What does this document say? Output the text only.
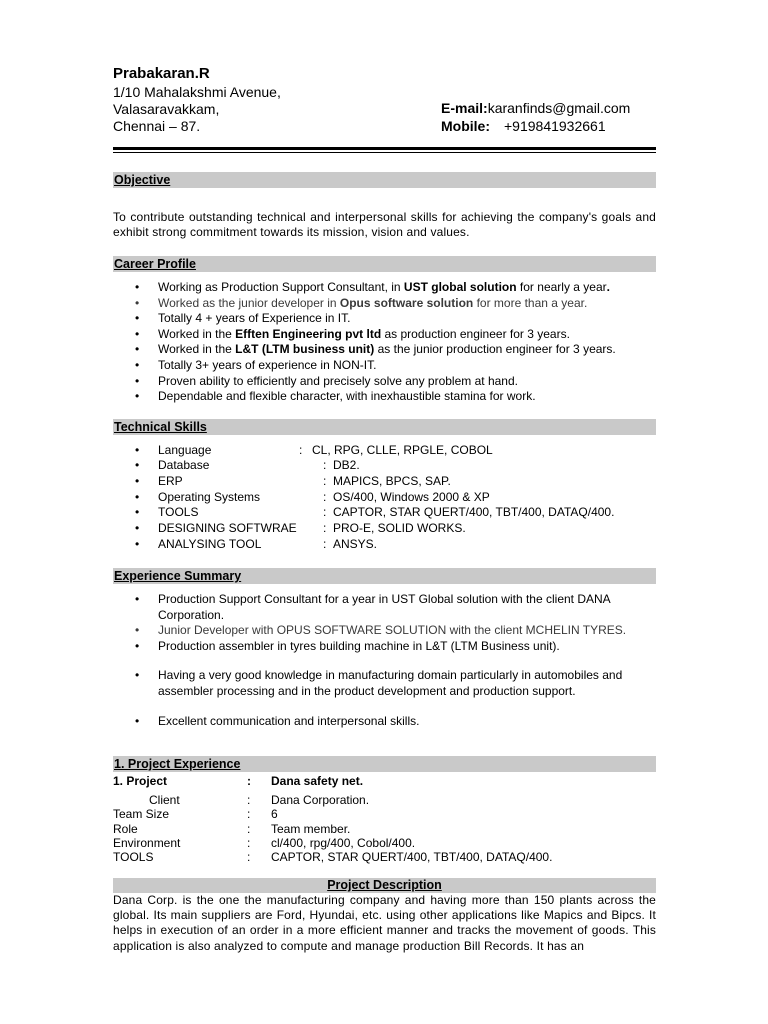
Prabakaran.R
1/10 Mahalakshmi Avenue,
Valasaravakkam,
Chennai – 87.
E-mail:karanfinds@gmail.com
Mobile: +919841932661
Objective
To contribute outstanding technical and interpersonal skills for achieving the company's goals and exhibit strong commitment towards its mission, vision and values.
Career Profile
• Working as Production Support Consultant, in UST global solution for nearly a year.
• Worked as the junior developer in Opus software solution for more than a year.
• Totally 4 + years of Experience in IT.
• Worked in the Efften Engineering pvt ltd as production engineer for 3 years.
• Worked in the L&T (LTM business unit) as the junior production engineer for 3 years.
• Totally 3+ years of experience in NON-IT.
• Proven ability to efficiently and precisely solve any problem at hand.
• Dependable and flexible character, with inexhaustible stamina for work.
Technical Skills
• Language	: CL, RPG, CLLE, RPGLE, COBOL
• Database	: DB2.
• ERP	: MAPICS, BPCS, SAP.
• Operating Systems	: OS/400, Windows 2000 & XP
• TOOLS	: CAPTOR, STAR QUERT/400, TBT/400, DATAQ/400.
• DESIGNING SOFTWRAE : PRO-E, SOLID WORKS.
• ANALYSING TOOL	: ANSYS.
Experience Summary
• Production Support Consultant for a year in UST Global solution with the client DANA Corporation.
• Junior Developer with OPUS SOFTWARE SOLUTION with the client MCHELIN TYRES.
• Production assembler in tyres building machine in L&T (LTM Business unit).
• Having a very good knowledge in manufacturing domain particularly in automobiles and assembler processing and in the product development and production support.
• Excellent communication and interpersonal skills.
1. Project Experience
1. Project	: Dana safety net.
Client	: Dana Corporation.
Team Size	: 6
Role	: Team member.
Environment	: cl/400, rpg/400, Cobol/400.
TOOLS	: CAPTOR, STAR QUERT/400, TBT/400, DATAQ/400.
Project Description
Dana Corp. is the one the manufacturing company and having more than 150 plants across the global. Its main suppliers are Ford, Hyundai, etc. using other applications like Mapics and Bipcs. It helps in execution of an order in a more efficient manner and tracks the movement of goods. This application is also analyzed to compute and manage production Bill Records. It has an
